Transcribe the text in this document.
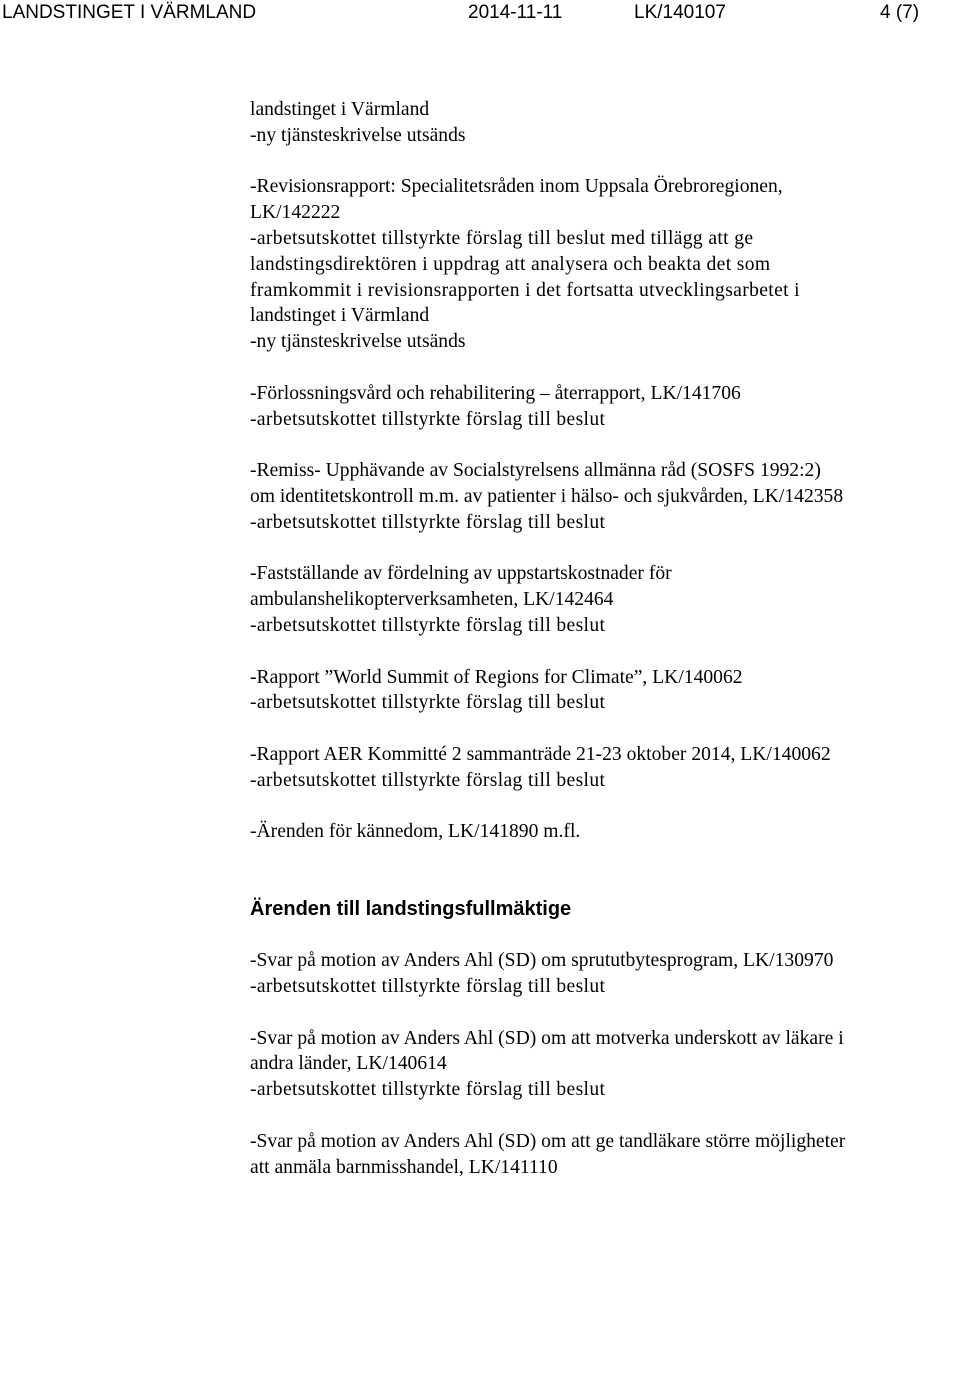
LANDSTINGET I VÄRMLAND	2014-11-11	LK/140107	4 (7)
landstinget i Värmland
-ny tjänsteskrivelse utsänds
-Revisionsrapport: Specialitetsråden inom Uppsala Örebroregionen,
LK/142222
-arbetsutskottet tillstyrkte förslag till beslut med tillägg att ge
landstingsdirektören i uppdrag att analysera och beakta det som
framkommit i revisionsrapporten i det fortsatta utvecklingsarbetet i
landstinget i Värmland
-ny tjänsteskrivelse utsänds
-Förlossningsvård och rehabilitering – återrapport, LK/141706
-arbetsutskottet tillstyrkte förslag till beslut
-Remiss- Upphävande av Socialstyrelsens allmänna råd (SOSFS 1992:2)
om identitetskontroll m.m. av patienter i hälso- och sjukvården, LK/142358
-arbetsutskottet tillstyrkte förslag till beslut
-Fastställande av fördelning av uppstartskostnader för
ambulanshelikopterverksamheten, LK/142464
-arbetsutskottet tillstyrkte förslag till beslut
-Rapport ”World Summit of Regions for Climate”, LK/140062
-arbetsutskottet tillstyrkte förslag till beslut
-Rapport AER Kommitté 2 sammanträde 21-23 oktober 2014, LK/140062
-arbetsutskottet tillstyrkte förslag till beslut
-Ärenden för kännedom, LK/141890 m.fl.
Ärenden till landstingsfullmäktige
-Svar på motion av Anders Ahl (SD) om sprututbytesprogram, LK/130970
-arbetsutskottet tillstyrkte förslag till beslut
-Svar på motion av Anders Ahl (SD) om att motverka underskott av läkare i
andra länder, LK/140614
-arbetsutskottet tillstyrkte förslag till beslut
-Svar på motion av Anders Ahl (SD) om att ge tandläkare större möjligheter
att anmäla barnmisshandel, LK/141110
